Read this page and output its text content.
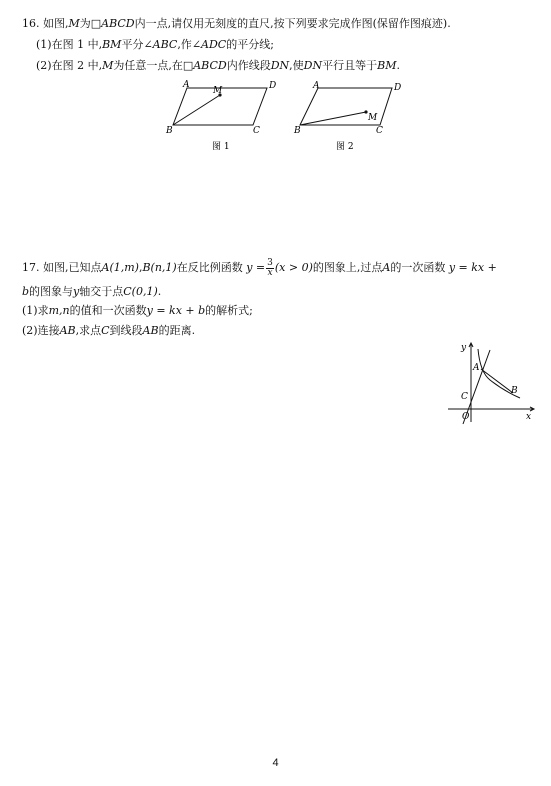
16. 如图,M为□ABCD内一点,请仅用无刻度的直尺,按下列要求完成作图(保留作图痕迹).
(1)在图 1 中,BM平分∠ABC,作∠ADC的平分线;
(2)在图 2 中,M为任意一点,在□ABCD内作线段DN,使DN平行且等于BM.
A	D
B	C
M
图 1
A	D
B	C
M
图 2
17. 如图,已知点A(1,m),B(n,1)在反比例函数 $y = \frac{3}{x} (x > 0)$的图象上,过点A的一次函数 y = kx +
b的图象与y轴交于点C(0,1).
(1)求m,n的值和一次函数y = kx + b的解析式;
(2)连接AB,求点C到线段AB的距离.
y
x
A
B
C
O
4
